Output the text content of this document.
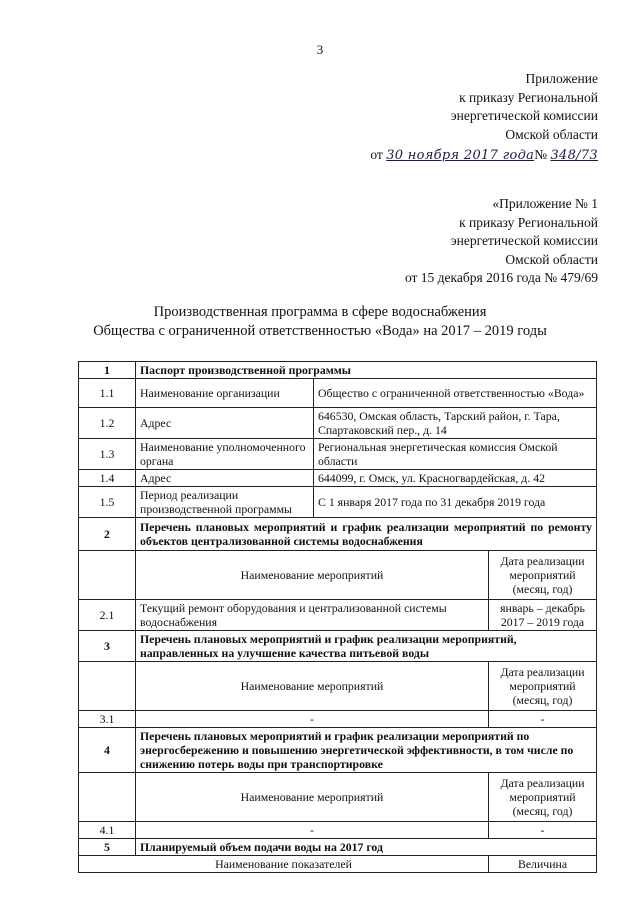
3
Приложение
к приказу Региональной
энергетической комиссии
Омской области
от 30 ноября 2017 года№ 348/73
«Приложение № 1
к приказу Региональной
энергетической комиссии
Омской области
от 15 декабря 2016 года № 479/69
Производственная программа в сфере водоснабжения
Общества с ограниченной ответственностью «Вода» на 2017 – 2019 годы
1	Паспорт производственной программы		
1.1	Наименование организации	Общество с ограниченной ответственностью «Вода»	
1.2	Адрес	646530, Омская область, Тарский район, г. Тара, Спартаковский пер., д. 14	
1.3	Наименование уполномоченного органа	Региональная энергетическая комиссия Омской области	
1.4	Адрес	644099, г. Омск, ул. Красногвардейская, д. 42	
1.5	Период реализации производственной программы	С 1 января 2017 года по 31 декабря 2019 года	
2	Перечень плановых мероприятий и график реализации мероприятий по ремонту объектов централизованной системы водоснабжения		
	Наименование мероприятий		Дата реализации мероприятий (месяц, год)
2.1	Текущий ремонт оборудования и централизованной системы водоснабжения		январь – декабрь 2017 – 2019 года
3	Перечень плановых мероприятий и график реализации мероприятий, направленных на улучшение качества питьевой воды		
	Наименование мероприятий		Дата реализации мероприятий (месяц, год)
3.1	-		-
4	Перечень плановых мероприятий и график реализации мероприятий по энергосбережению и повышению энергетической эффективности, в том числе по снижению потерь воды при транспортировке		
	Наименование мероприятий		Дата реализации мероприятий (месяц, год)
4.1	-		-
5	Планируемый объем подачи воды на 2017 год		
Наименование показателей			Величина
